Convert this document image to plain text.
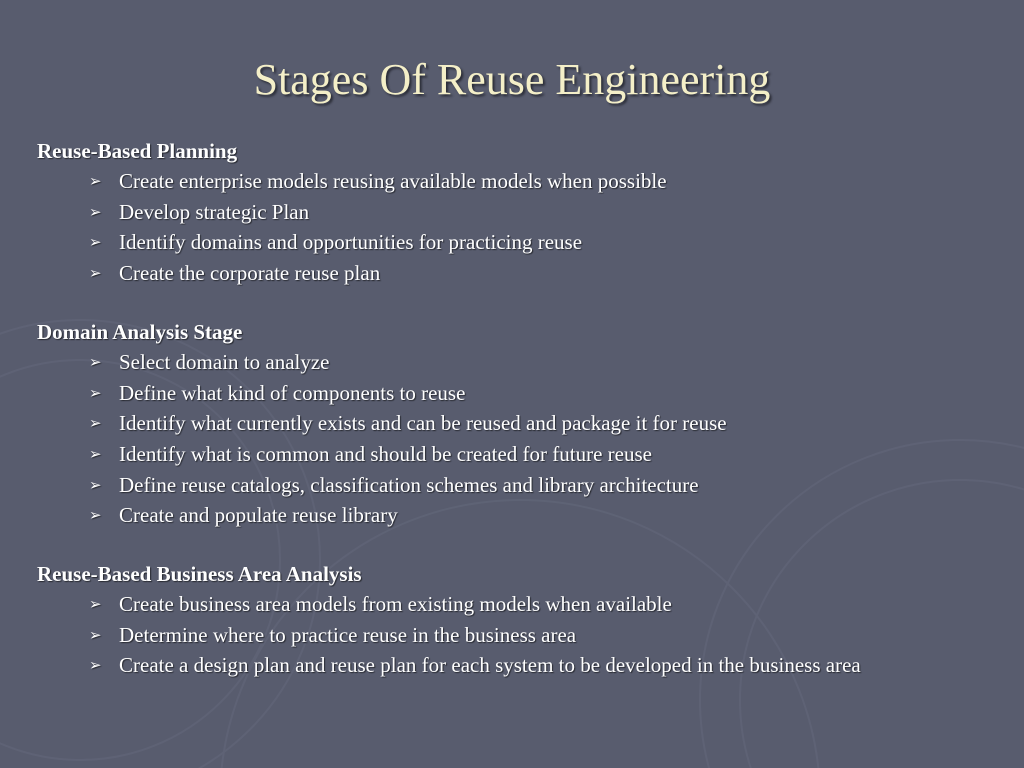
Stages Of Reuse Engineering

Reuse-Based Planning

➢ Create enterprise models reusing available models when possible
➢ Develop strategic Plan
➢ Identify domains and opportunities for practicing reuse
➢ Create the corporate reuse plan

Domain Analysis Stage

➢ Select domain to analyze
➢ Define what kind of components to reuse
➢ Identify what currently exists and can be reused and package it for reuse
➢ Identify what is common and should be created for future reuse
➢ Define reuse catalogs, classification schemes and library architecture
➢ Create and populate reuse library

Reuse-Based Business Area Analysis

➢ Create business area models from existing models when available
➢ Determine where to practice reuse in the business area
➢ Create a design plan and reuse plan for each system to be developed in the business area
